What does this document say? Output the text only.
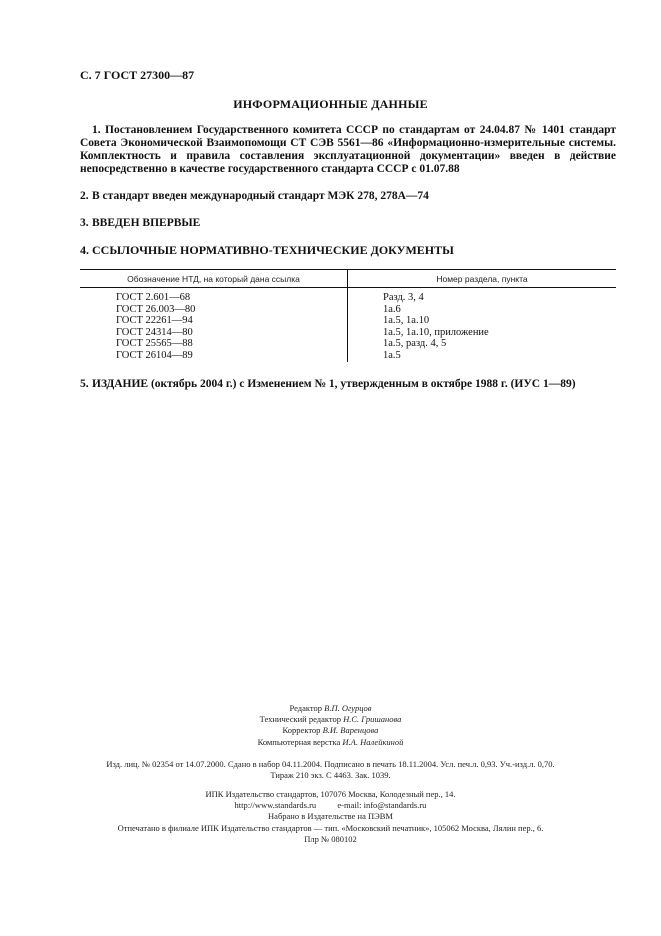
С. 7 ГОСТ 27300—87
ИНФОРМАЦИОННЫЕ ДАННЫЕ
1. Постановлением Государственного комитета СССР по стандартам от 24.04.87 № 1401 стандарт Совета Экономической Взаимопомощи СТ СЭВ 5561—86 «Информационно-измерительные системы. Комплектность и правила составления эксплуатационной документации» введен в действие непосредственно в качестве государственного стандарта СССР с 01.07.88
2. В стандарт введен международный стандарт МЭК 278, 278А—74
3. ВВЕДЕН ВПЕРВЫЕ
4. ССЫЛОЧНЫЕ НОРМАТИВНО-ТЕХНИЧЕСКИЕ ДОКУМЕНТЫ
Обозначение НТД, на который дана ссылка	Номер раздела, пункта
ГОСТ 2.601—68	Разд. 3, 4
ГОСТ 26.003—80	1а.6
ГОСТ 22261—94	1а.5, 1а.10
ГОСТ 24314—80	1а.5, 1а.10, приложение
ГОСТ 25565—88	1а.5, разд. 4, 5
ГОСТ 26104—89	1а.5
5. ИЗДАНИЕ (октябрь 2004 г.) с Изменением № 1, утвержденным в октябре 1988 г. (ИУС 1—89)
Редактор В.П. Огурцов
Технический редактор Н.С. Гришанова
Корректор В.И. Варенцова
Компьютерная верстка И.А. Налейкиной
Изд. лиц. № 02354 от 14.07.2000. Сдано в набор 04.11.2004. Подписано в печать 18.11.2004. Усл. печ.л. 0,93. Уч.-изд.л. 0,70.
Тираж 210 экз. С 4463. Зак. 1039.
ИПК Издательство стандартов, 107076 Москва, Колодезный пер., 14.
http://www.standards.ru          e-mail: info@standards.ru
Набрано в Издательстве на ПЭВМ
Отпечатано в филиале ИПК Издательство стандартов — тип. «Московский печатник», 105062 Москва, Лялин пер., 6.
Плр № 080102
